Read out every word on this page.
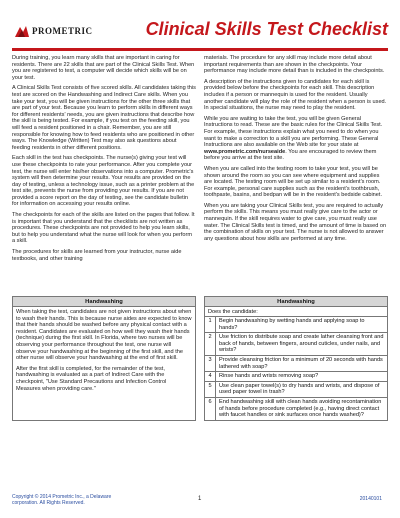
PROMETRIC	Clinical Skills Test Checklist

During training, you learn many skills that are important in caring for residents. There are 22 skills that are part of the Clinical Skills Test. When you are registered to test, a computer will decide which skills will be on your test.

A Clinical Skills Test consists of five scored skills. All candidates taking this test are scored on the Handwashing and Indirect Care skills. When you take your test, you will be given instructions for the other three skills that are part of your test. Because you learn to perform skills in different ways for different residents' needs, you are given instructions that describe how the skill is being tested. For example, if you test on the feeding skill, you will feed a resident positioned in a chair. Remember, you are still responsible for knowing how to feed residents who are positioned in other ways. The Knowledge (Written) Test may also ask questions about feeding residents in other different positions.

Each skill in the test has checkpoints. The nurse(s) giving your test will use these checkpoints to rate your performance. After you complete your test, the nurse will enter his/her observations into a computer. Prometric's system will then determine your results. Your results are provided on the day of testing, unless a technology issue, such as a printer problem at the test site, prevents the nurse from providing your results. If you are not provided a score report on the day of testing, see the candidate bulletin for information on accessing your results online.

The checkpoints for each of the skills are listed on the pages that follow. It is important that you understand that the checklists are not written as procedures. These checkpoints are not provided to help you learn skills, but to help you understand what the nurse will look for when you perform a skill.

The procedures for skills are learned from your instructor, nurse aide textbooks, and other training

materials. The procedure for any skill may include more detail about important requirements than are shown in the checkpoints. Your performance may include more detail than is included in the checkpoints.

A description of the instructions given to candidates for each skill is provided below before the checkpoints for each skill. This description includes if a person or mannequin is used for the resident. Usually another candidate will play the role of the resident when a person is used. In special situations, the nurse may need to play the resident.

While you are waiting to take the test, you will be given General Instructions to read. These are the basic rules for the Clinical Skills Test. For example, these instructions explain what you need to do when you want to make a correction to a skill you are performing. These General Instructions are also available on the Web site for your state at www.prometric.com/nurseaide. You are encouraged to review them before you arrive at the test site.

When you are called into the testing room to take your test, you will be shown around the room so you can see where equipment and supplies are located. The testing room will be set up similar to a resident's room. For example, personal care supplies such as the resident's toothbrush, toothpaste, basins, and bedpan will be in the resident's bedside cabinet.

When you are taking your Clinical Skills test, you are required to actually perform the skills. This means you must really give care to the actor or mannequin. If the skill requires water to give care, you must really use water. The Clinical Skills test is timed, and the amount of time is based on the combination of skills on your test. The nurse is not allowed to answer any questions about how skills are performed at any time.

Handwashing

When taking the test, candidates are not given instructions about when to wash their hands. This is because nurse aides are expected to know that their hands should be washed before any physical contact with a resident. Candidates are evaluated on how well they wash their hands (technique) during the first skill. In Florida, where two nurses will be observing your performance throughout the test, one nurse will observe your handwashing at the beginning of the first skill, and the other nurse will observe your handwashing at the end of first skill.

After the first skill is completed, for the remainder of the test, handwashing is evaluated as a part of Indirect Care with the checkpoint, "Use Standard Precautions and Infection Control Measures when providing care."

Handwashing
Does the candidate:
1	Begin handwashing by wetting hands and applying soap to hands?
2	Use friction to distribute soap and create lather cleansing front and back of hands, between fingers, around cuticles, under nails, and wrists?
3	Provide cleansing friction for a minimum of 20 seconds with hands lathered with soap?
4	Rinse hands and wrists removing soap?
5	Use clean paper towel(s) to dry hands and wrists, and dispose of used paper towel in trash?
6	End handwashing skill with clean hands avoiding recontamination of hands before procedure completed (e.g., having direct contact with faucet handles or sink surfaces once hands washed)?
Copyright © 2014 Prometric Inc., a Delaware corporation. All Rights Reserved.
1	20140101
